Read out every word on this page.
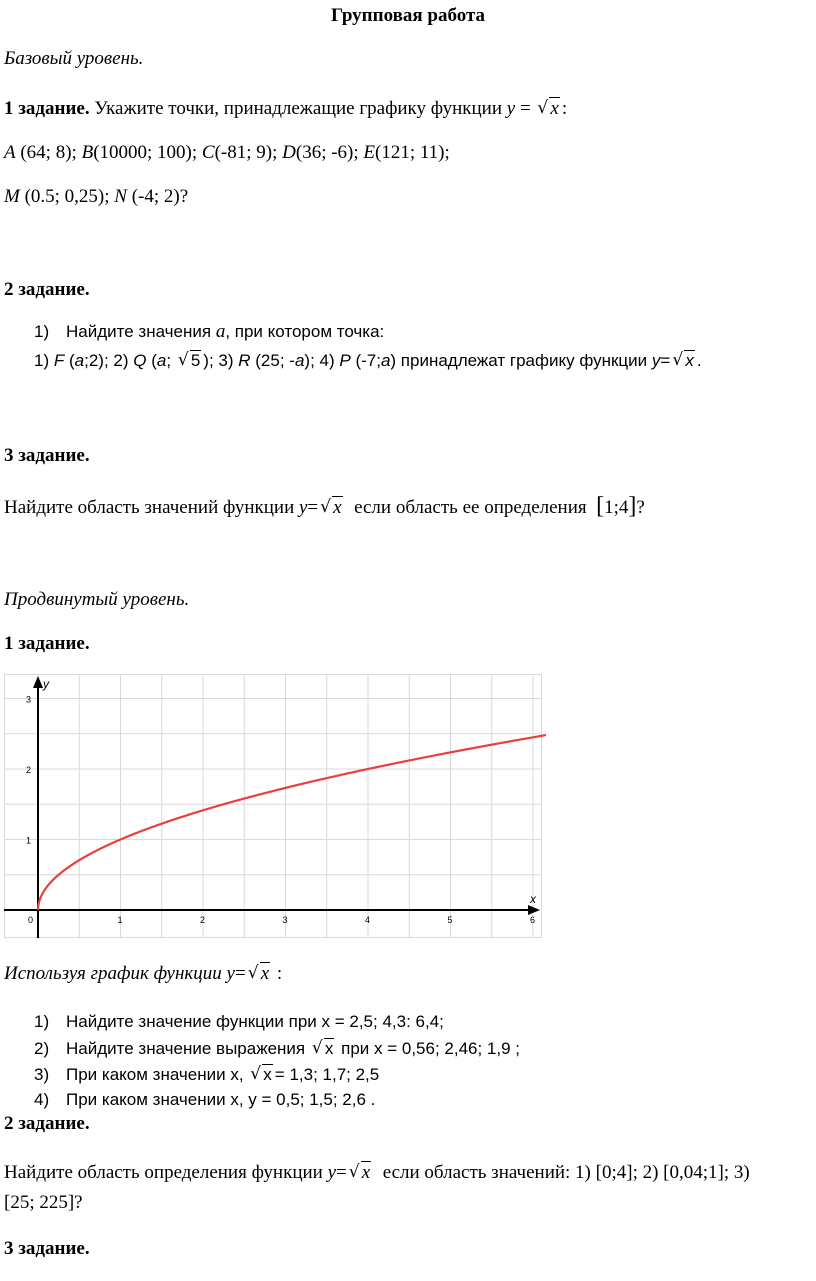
Групповая работа
Базовый уровень.
1 задание. Укажите точки, принадлежащие графику функции y = √ x :
A (64; 8); B(10000; 100); C(-81; 9); D(36; -6); E(121; 11);
M (0.5; 0,25); N (-4; 2)?
2 задание.
1) Найдите значения a, при котором точка:
1) F (a;2); 2) Q (a; √ 5 ); 3) R (25; -a); 4) P (-7;a) принадлежат графику функции y= √ x .
3 задание.
Найдите область значений функции y= √ x если область ее определения [1;4]?
Продвинутый уровень.
1 задание.
x
y
0	1	2	3	4	5	6
1
2
3
Используя график функции y= √ x :
1) Найдите значение функции при x = 2,5; 4,3: 6,4;
2) Найдите значение выражения √ x при x = 0,56; 2,46; 1,9 ;
3) При каком значении x, √ x = 1,3; 1,7; 2,5
4) При каком значении x, y = 0,5; 1,5; 2,6 .
2 задание.
Найдите область определения функции y= √ x если область значений: 1) [0;4]; 2) [0,04;1]; 3)
[25; 225]?
3 задание.
